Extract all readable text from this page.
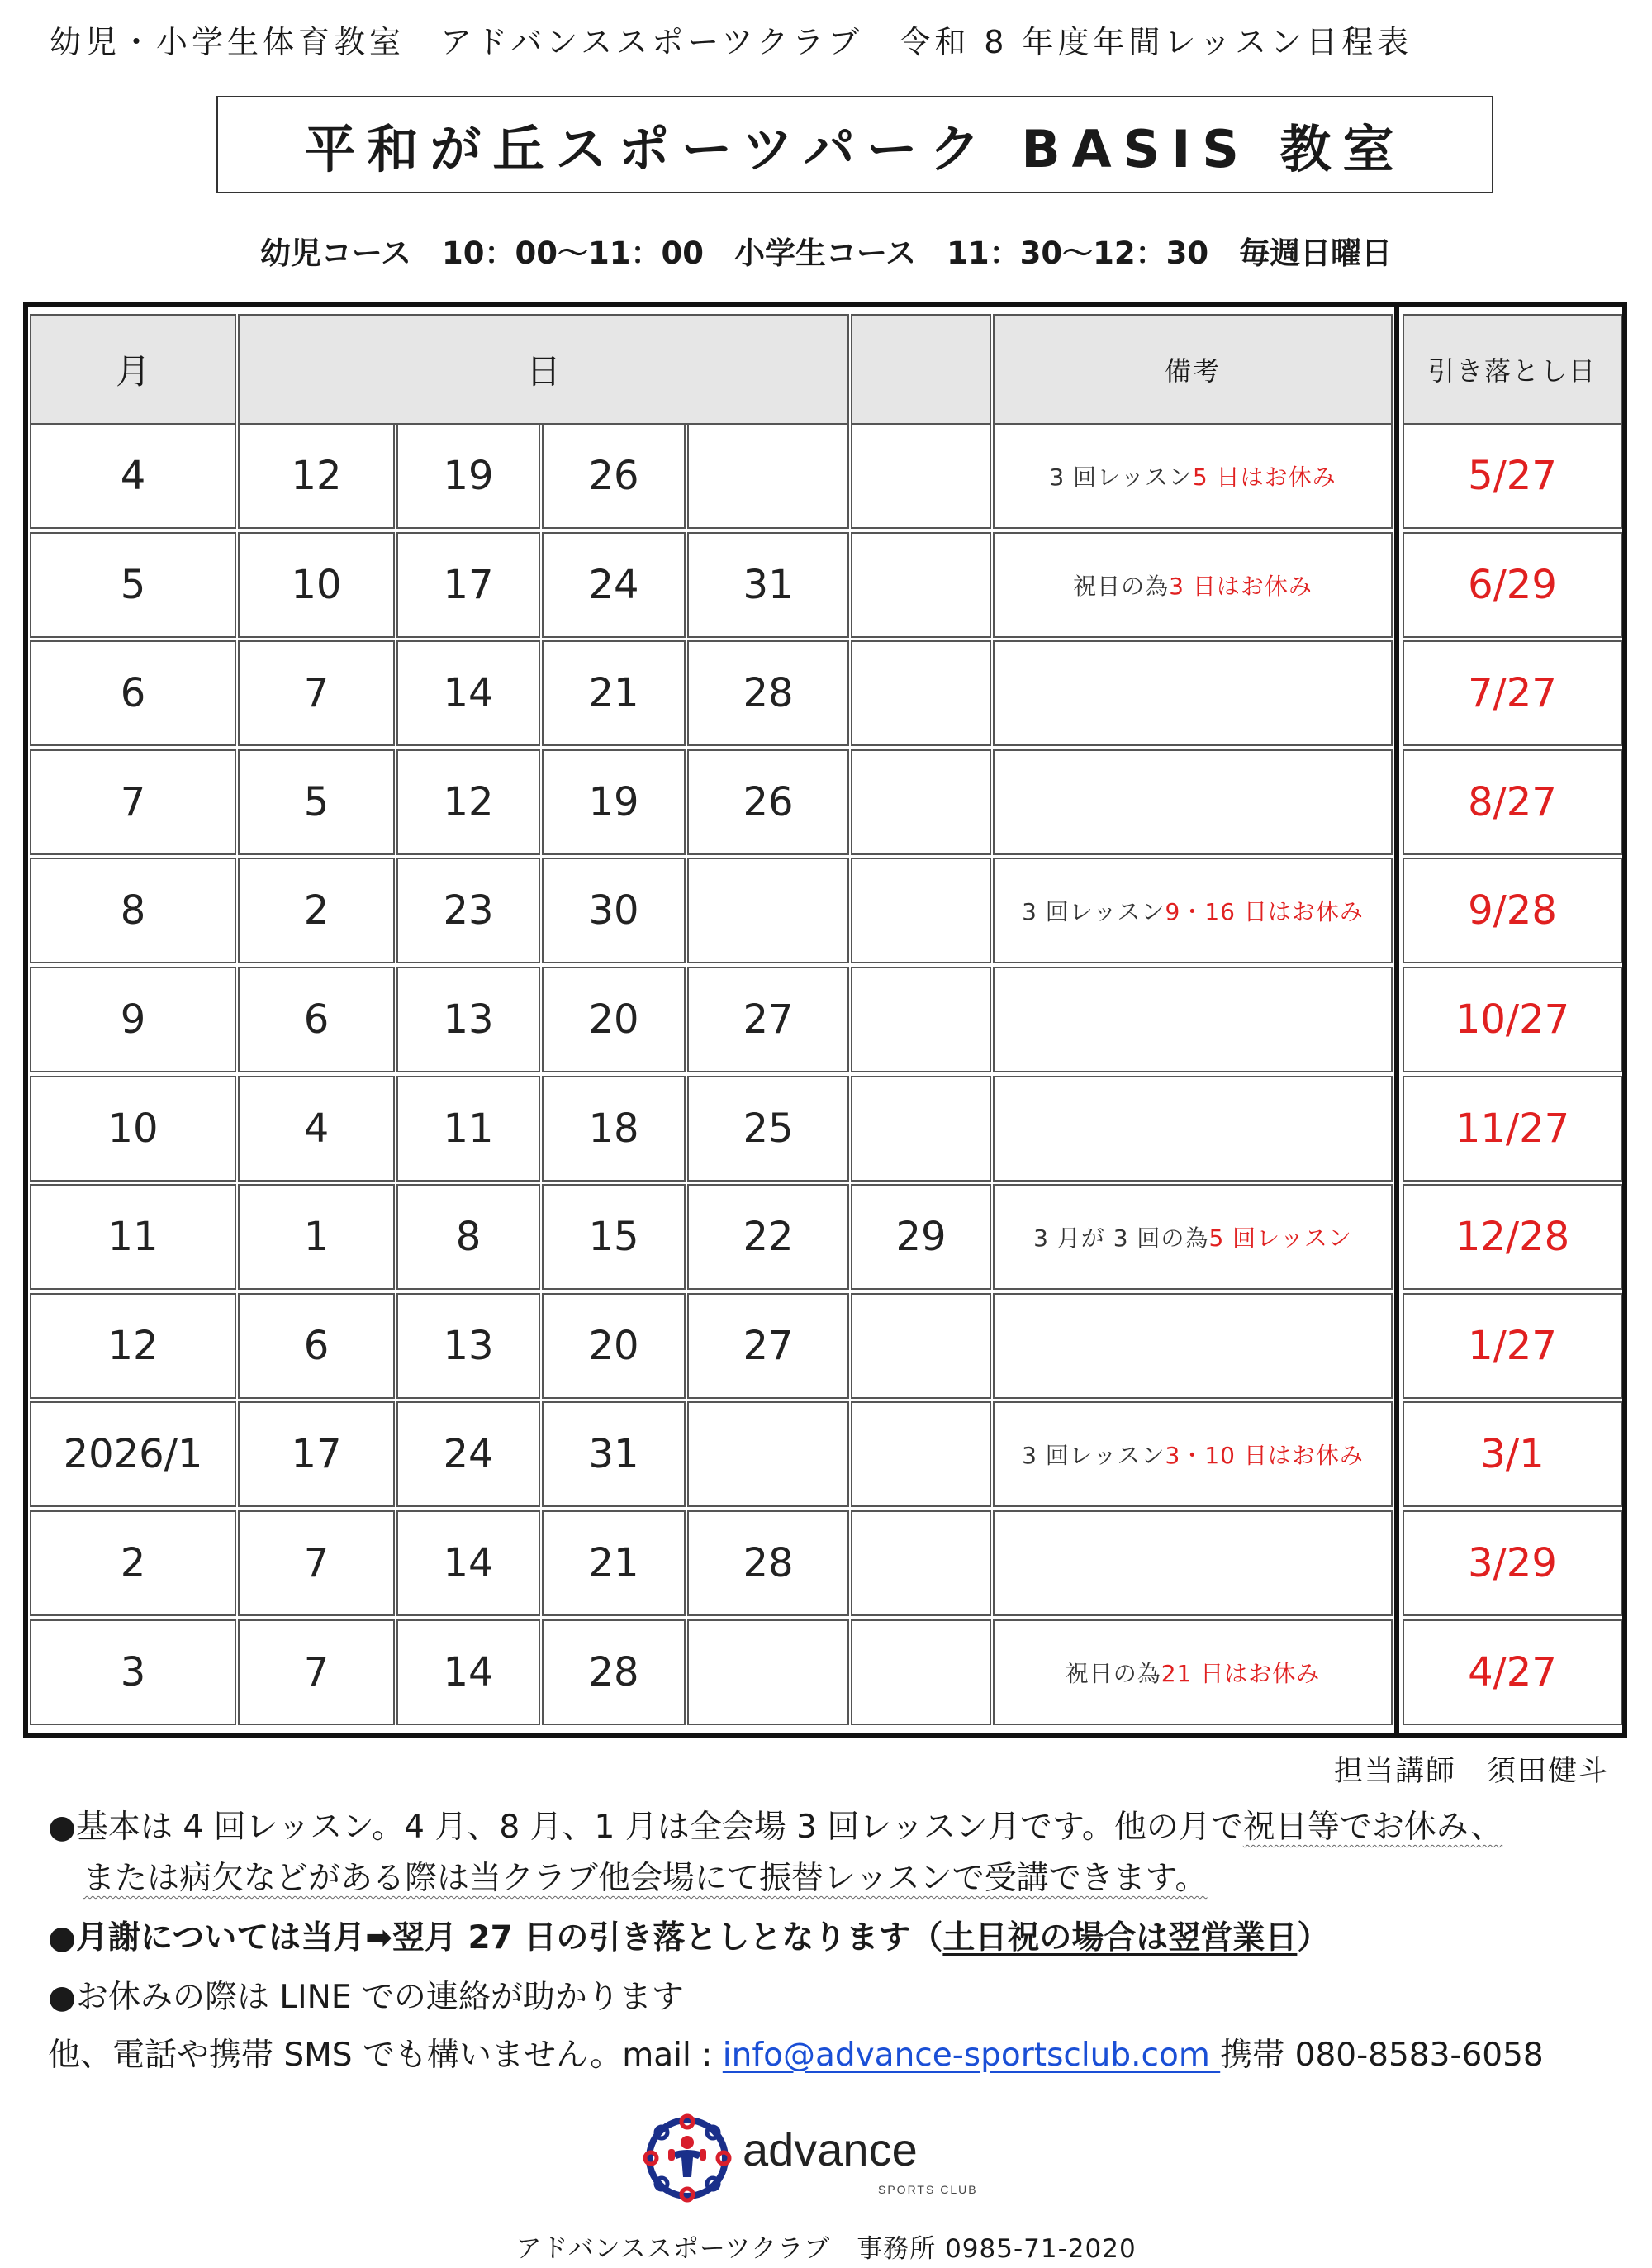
幼児・小学生体育教室　アドバンススポーツクラブ　令和 8 年度年間レッスン日程表
平和が丘スポーツパーク BASIS 教室
幼児コース　10：00〜11：00　小学生コース　11：30〜12：30　毎週日曜日
月	日	備考	引き落とし日
4	12	19	26	3 回レッスン 5 日はお休み	5/27
5	10	17	24	31	祝日の為 3 日はお休み	6/29
6	7	14	21	28	7/27
7	5	12	19	26	8/27
8	2	23	30	3 回レッスン 9・16 日はお休み	9/28
9	6	13	20	27	10/27
10	4	11	18	25	11/27
11	1	8	15	22	29	3 月が 3 回の為 5 回 レッスン	12/28
12	6	13	20	27	1/27
2026/1	17	24	31	3 回レッスン 3・10 日はお休み	3/1
2	7	14	21	28	3/29
3	7	14	28	祝日の為 21 日はお休み	4/27
担当講師　須田健斗
●基本は 4 回レッスン。4 月、8 月、1 月は全会場 3 回レッスン月です。他の月で祝日等でお休み、
または病欠などがある際は当クラブ他会場にて振替レッスンで受講できます。
●月謝については当月➡翌月 27 日の引き落としとなります（土日祝の場合は翌営業日）
●お休みの際は LINE での連絡が助かります
他、電話や携帯 SMS でも構いません。mail : info@advance-sportsclub.com 携帯 080-8583-6058
advance
SPORTS CLUB
アドバンススポーツクラブ　事務所 0985-71-2020
